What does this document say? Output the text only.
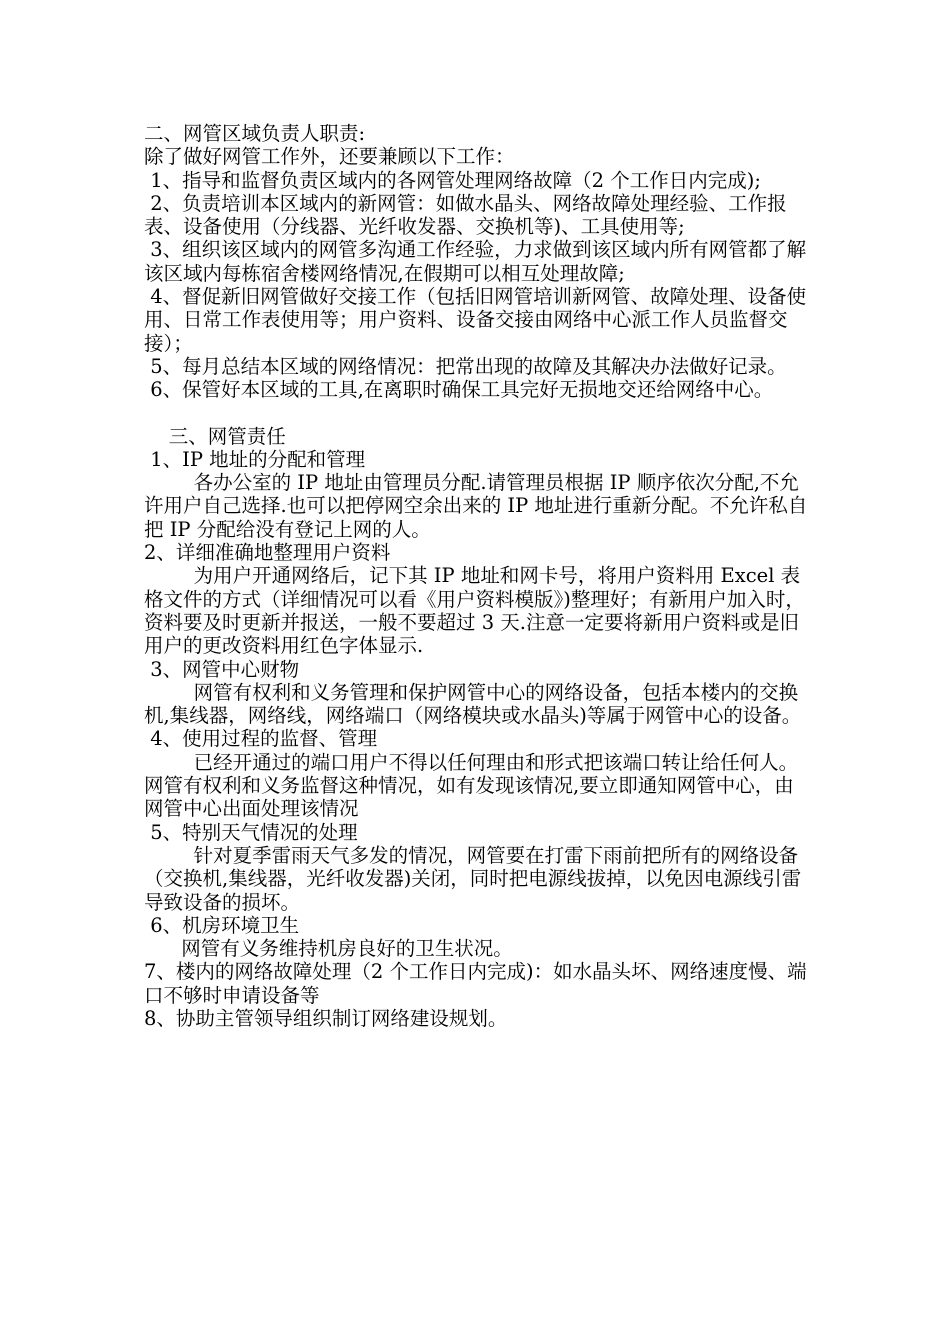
二、网管区域负责人职责:

除了做好网管工作外，还要兼顾以下工作：

1、指导和监督负责区域内的各网管处理网络故障（2 个工作日内完成);

2、负责培训本区域内的新网管：如做水晶头、网络故障处理经验、工作报表、设备使用（分线器、光纤收发器、交换机等)、工具使用等;

3、组织该区域内的网管多沟通工作经验，力求做到该区域内所有网管都了解该区域内每栋宿舍楼网络情况,在假期可以相互处理故障;

4、督促新旧网管做好交接工作（包括旧网管培训新网管、故障处理、设备使用、日常工作表使用等；用户资料、设备交接由网络中心派工作人员监督交接）；

5、每月总结本区域的网络情况：把常出现的故障及其解决办法做好记录。

6、保管好本区域的工具,在离职时确保工具完好无损地交还给网络中心。

三、网管责任

1、IP 地址的分配和管理

各办公室的 IP 地址由管理员分配.请管理员根据 IP 顺序依次分配,不允许用户自己选择.也可以把停网空余出来的 IP 地址进行重新分配。不允许私自把 IP 分配给没有登记上网的人。

2、详细准确地整理用户资料

为用户开通网络后，记下其 IP 地址和网卡号，将用户资料用 Excel 表格文件的方式（详细情况可以看《用户资料模版》)整理好；有新用户加入时，资料要及时更新并报送，一般不要超过 3 天.注意一定要将新用户资料或是旧用户的更改资料用红色字体显示.

3、网管中心财物

网管有权利和义务管理和保护网管中心的网络设备，包括本楼内的交换机,集线器，网络线，网络端口（网络模块或水晶头)等属于网管中心的设备。

4、使用过程的监督、管理

已经开通过的端口用户不得以任何理由和形式把该端口转让给任何人。网管有权利和义务监督这种情况，如有发现该情况,要立即通知网管中心，由网管中心出面处理该情况

5、特别天气情况的处理

针对夏季雷雨天气多发的情况，网管要在打雷下雨前把所有的网络设备（交换机,集线器，光纤收发器)关闭，同时把电源线拔掉，以免因电源线引雷导致设备的损坏。

6、机房环境卫生

网管有义务维持机房良好的卫生状况。

7、楼内的网络故障处理（2 个工作日内完成)：如水晶头坏、网络速度慢、端口不够时申请设备等

8、协助主管领导组织制订网络建设规划。
